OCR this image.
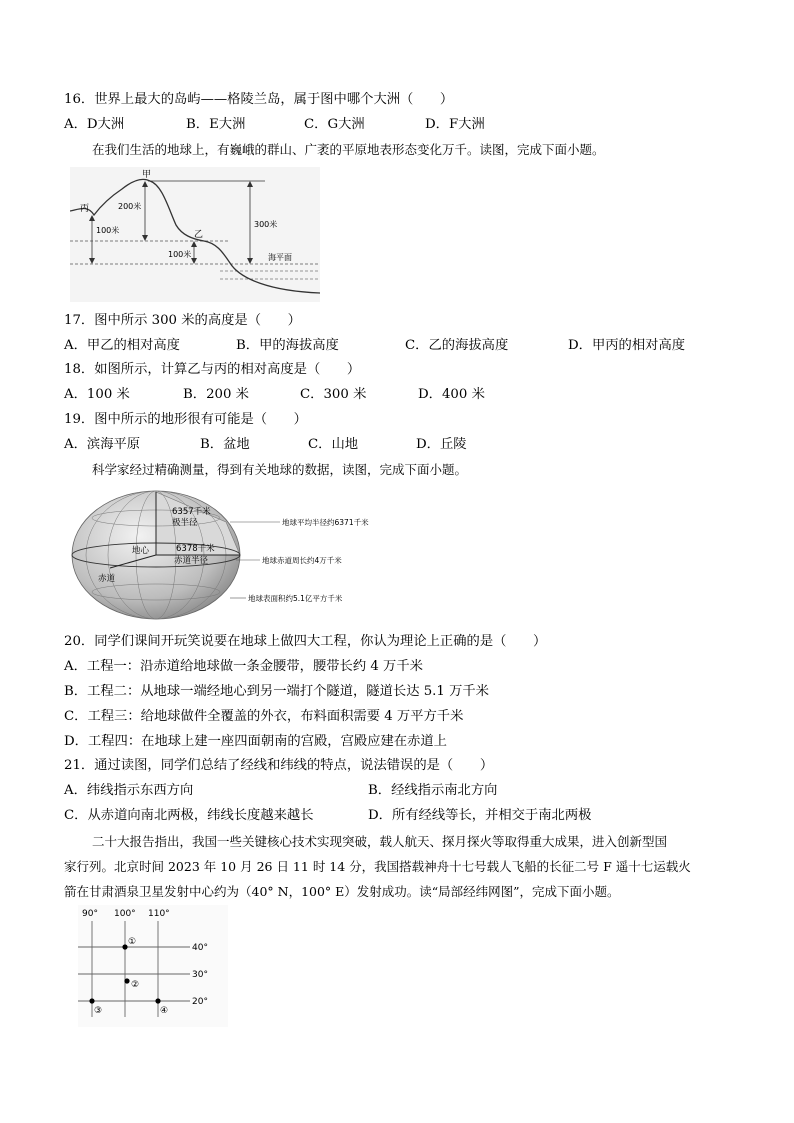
16．世界上最大的岛屿——格陵兰岛，属于图中哪个大洲（　　）
A．D大洲	B．E大洲	C．G大洲	D．F大洲
在我们生活的地球上，有巍峨的群山、广袤的平原地表形态变化万千。读图，完成下面小题。
甲
丙
乙
200米
100米
100米
300米
海平面
17．图中所示 300 米的高度是（　　）
A．甲乙的相对高度	B．甲的海拔高度	C．乙的海拔高度	D．甲丙的相对高度
18．如图所示，计算乙与丙的相对高度是（　　）
A．100 米	B．200 米	C．300 米	D．400 米
19．图中所示的地形很有可能是（　　）
A．滨海平原	B．盆地	C．山地	D．丘陵
科学家经过精确测量，得到有关地球的数据，读图，完成下面小题。
6357千米
极半径
地心	6378千米
赤道半径
赤道
地球平均半径约6371千米
地球赤道周长约4万千米
地球表面积约5.1亿平方千米
20．同学们课间开玩笑说要在地球上做四大工程，你认为理论上正确的是（　　）
A．工程一：沿赤道给地球做一条金腰带，腰带长约 4 万千米
B．工程二：从地球一端经地心到另一端打个隧道，隧道长达 5.1 万千米
C．工程三：给地球做件全覆盖的外衣，布料面积需要 4 万平方千米
D．工程四：在地球上建一座四面朝南的宫殿，宫殿应建在赤道上
21．通过读图，同学们总结了经线和纬线的特点，说法错误的是（　　）
A．纬线指示东西方向	B．经线指示南北方向
C．从赤道向南北两极，纬线长度越来越长	D．所有经线等长，并相交于南北两极
二十大报告指出，我国一些关键核心技术实现突破，载人航天、探月探火等取得重大成果，进入创新型国
家行列。北京时间 2023 年 10 月 26 日 11 时 14 分，我国搭载神舟十七号载人飞船的长征二号 F 遥十七运载火
箭在甘肃酒泉卫星发射中心约为（40° N，100° E）发射成功。读“局部经纬网图”，完成下面小题。
90° 100° 110°
40°
30°
20°
①
②
③	④
